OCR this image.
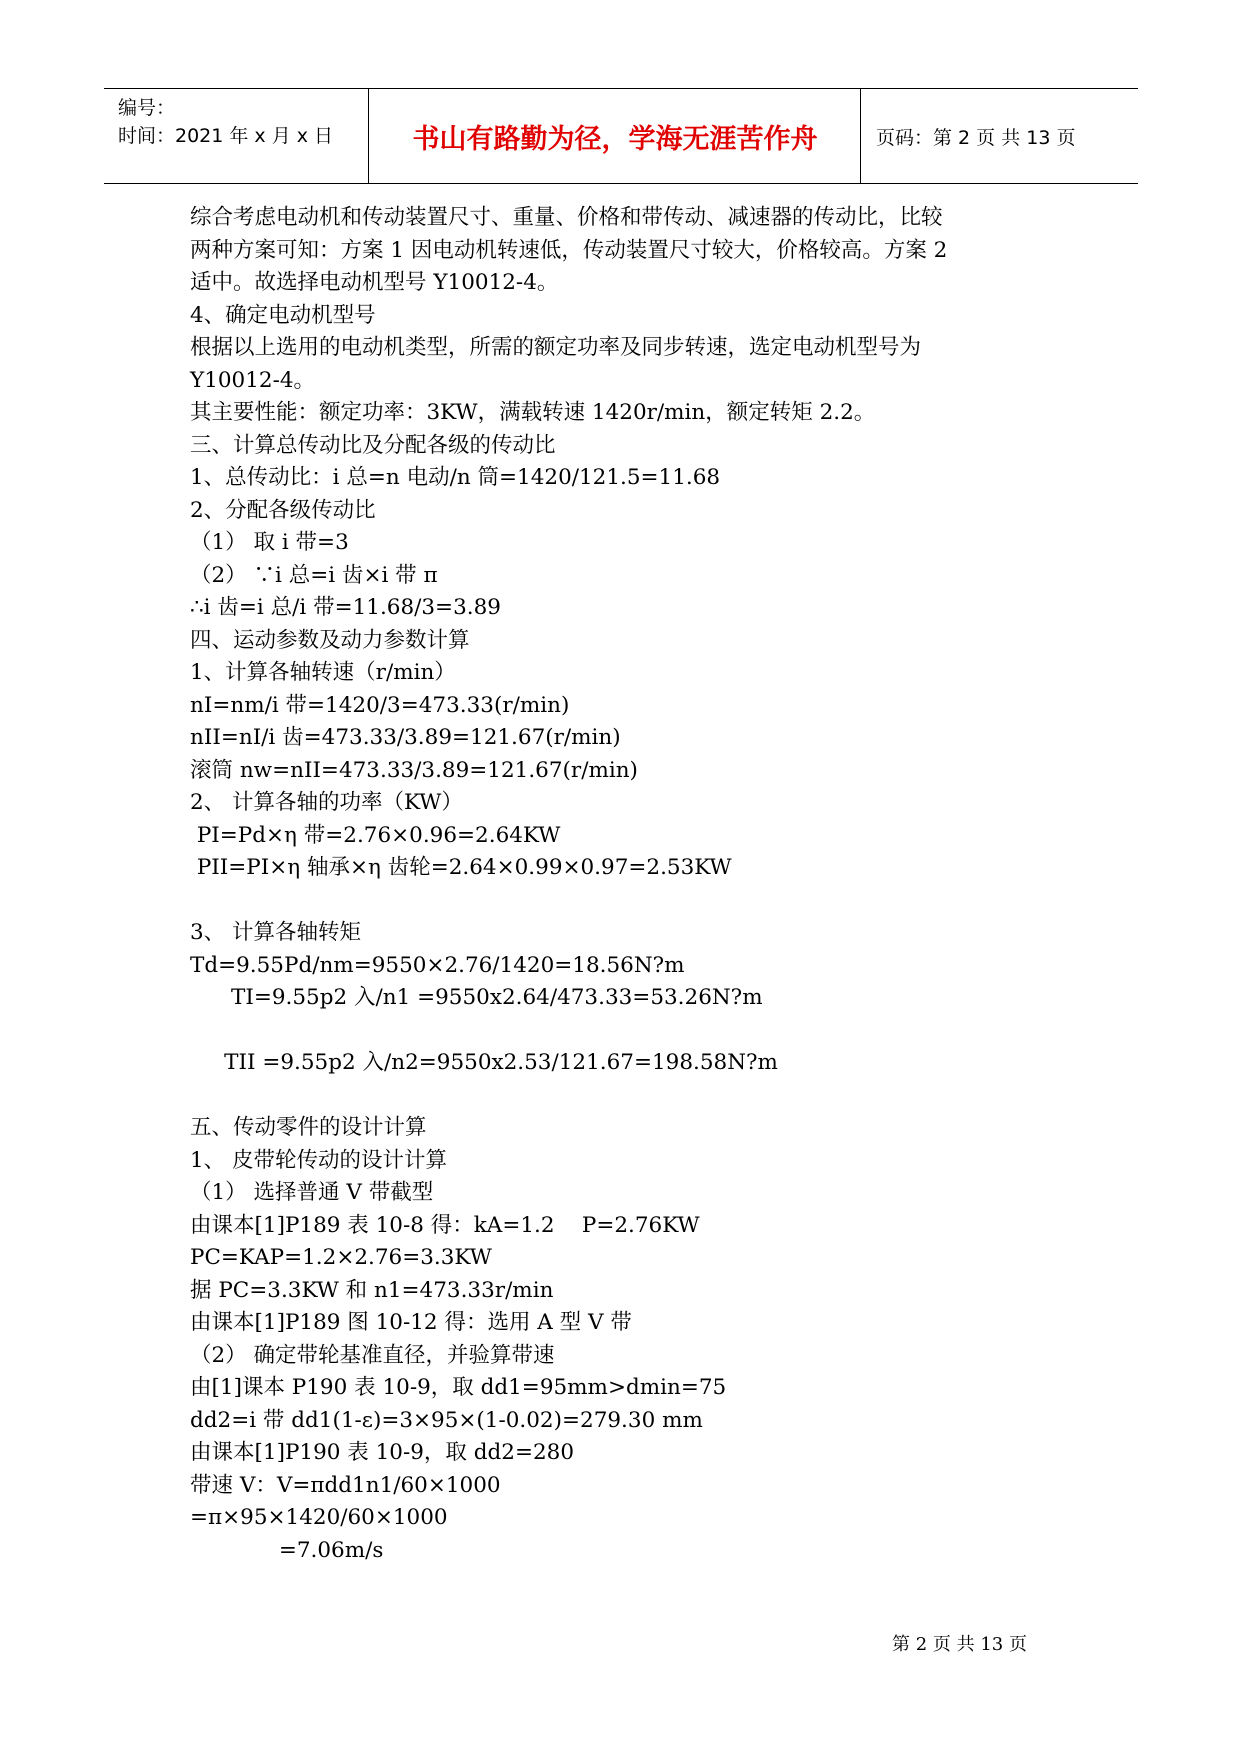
编号：
时间：2021 年 x 月 x 日	书山有路勤为径，学海无涯苦作舟	页码：第 2 页 共 13 页
综合考虑电动机和传动装置尺寸、重量、价格和带传动、减速器的传动比，比较
两种方案可知：方案 1 因电动机转速低，传动装置尺寸较大，价格较高。方案 2
适中。故选择电动机型号 Y10012-4。
4、确定电动机型号
根据以上选用的电动机类型，所需的额定功率及同步转速，选定电动机型号为
Y10012-4。
其主要性能：额定功率：3KW，满载转速 1420r/min，额定转矩 2.2。
三、计算总传动比及分配各级的传动比
1、总传动比：i 总=n 电动/n 筒=1420/121.5=11.68
2、分配各级传动比
（1） 取 i 带=3
（2） ∵i 总=i 齿×i 带 π
∴i 齿=i 总/i 带=11.68/3=3.89
四、运动参数及动力参数计算
1、计算各轴转速（r/min）
nI=nm/i 带=1420/3=473.33(r/min)
nII=nI/i 齿=473.33/3.89=121.67(r/min)
滚筒 nw=nII=473.33/3.89=121.67(r/min)
2、 计算各轴的功率（KW）
PI=Pd×η 带=2.76×0.96=2.64KW
PII=PI×η 轴承×η 齿轮=2.64×0.99×0.97=2.53KW
3、 计算各轴转矩
Td=9.55Pd/nm=9550×2.76/1420=18.56N?m
TI=9.55p2 入/n1 =9550x2.64/473.33=53.26N?m
TII =9.55p2 入/n2=9550x2.53/121.67=198.58N?m
五、传动零件的设计计算
1、 皮带轮传动的设计计算
（1） 选择普通 V 带截型
由课本[1]P189 表 10-8 得：kA=1.2    P=2.76KW
PC=KAP=1.2×2.76=3.3KW
据 PC=3.3KW 和 n1=473.33r/min
由课本[1]P189 图 10-12 得：选用 A 型 V 带
（2） 确定带轮基准直径，并验算带速
由[1]课本 P190 表 10-9，取 dd1=95mm>dmin=75
dd2=i 带 dd1(1-ε)=3×95×(1-0.02)=279.30 mm
由课本[1]P190 表 10-9，取 dd2=280
带速 V：V=πdd1n1/60×1000
=π×95×1420/60×1000
=7.06m/s
第 2 页 共 13 页
